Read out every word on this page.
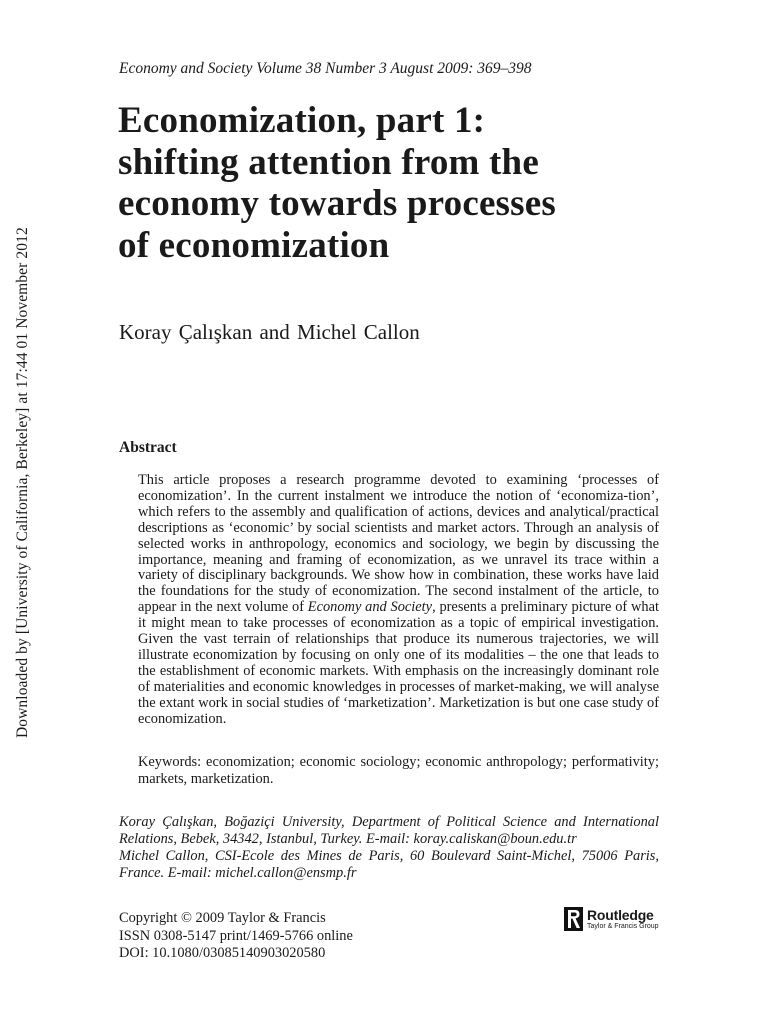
Downloaded by [University of California, Berkeley] at 17:44 01 November 2012
Economy and Society Volume 38 Number 3 August 2009: 369–398
Economization, part 1:
shifting attention from the
economy towards processes
of economization
Koray Çalışkan and Michel Callon
Abstract
This article proposes a research programme devoted to examining ‘processes of economization’. In the current instalment we introduce the notion of ‘economiza-tion’, which refers to the assembly and qualification of actions, devices and analytical/practical descriptions as ‘economic’ by social scientists and market actors. Through an analysis of selected works in anthropology, economics and sociology, we begin by discussing the importance, meaning and framing of economization, as we unravel its trace within a variety of disciplinary backgrounds. We show how in combination, these works have laid the foundations for the study of economization. The second instalment of the article, to appear in the next volume of Economy and Society, presents a preliminary picture of what it might mean to take processes of economization as a topic of empirical investigation. Given the vast terrain of relationships that produce its numerous trajectories, we will illustrate economization by focusing on only one of its modalities – the one that leads to the establishment of economic markets. With emphasis on the increasingly dominant role of materialities and economic knowledges in processes of market-making, we will analyse the extant work in social studies of ‘marketization’. Marketization is but one case study of economization.
Keywords: economization; economic sociology; economic anthropology; performativity; markets, marketization.

Koray Çalışkan, Boğaziçi University, Department of Political Science and International Relations, Bebek, 34342, Istanbul, Turkey. E-mail: koray.caliskan@boun.edu.tr

Michel Callon, CSI-Ecole des Mines de Paris, 60 Boulevard Saint-Michel, 75006 Paris, France. E-mail: michel.callon@ensmp.fr

Copyright © 2009 Taylor & Francis
ISSN 0308-5147 print/1469-5766 online
DOI: 10.1080/03085140903020580
Routledge
Taylor & Francis Group
